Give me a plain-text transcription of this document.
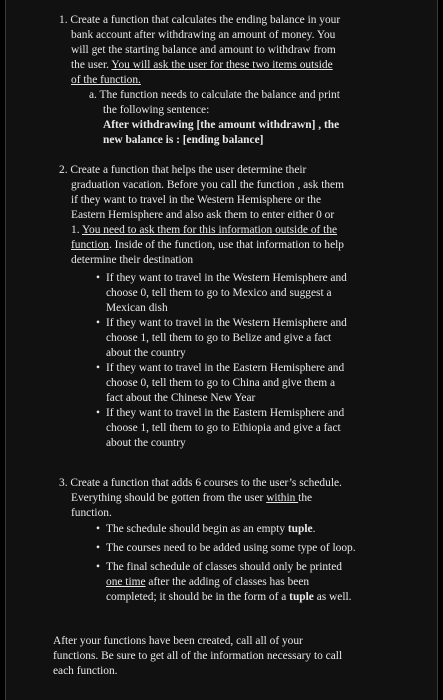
1. Create a function that calculates the ending balance in your
bank account after withdrawing an amount of money. You
will get the starting balance and amount to withdraw from
the user. You will ask the user for these two items outside
of the function.
a. The function needs to calculate the balance and print
the following sentence:
After withdrawing [the amount withdrawn] , the
new balance is : [ending balance]
2. Create a function that helps the user determine their
graduation vacation. Before you call the function , ask them
if they want to travel in the Western Hemisphere or the
Eastern Hemisphere and also ask them to enter either 0 or
1. You need to ask them for this information outside of the
function. Inside of the function, use that information to help
determine their destination
• If they want to travel in the Western Hemisphere and
choose 0, tell them to go to Mexico and suggest a
Mexican dish
• If they want to travel in the Western Hemisphere and
choose 1, tell them to go to Belize and give a fact
about the country
• If they want to travel in the Eastern Hemisphere and
choose 0, tell them to go to China and give them a
fact about the Chinese New Year
• If they want to travel in the Eastern Hemisphere and
choose 1, tell them to go to Ethiopia and give a fact
about the country
3. Create a function that adds 6 courses to the user’s schedule.
Everything should be gotten from the user within the
function.
• The schedule should begin as an empty tuple.
• The courses need to be added using some type of loop.
• The final schedule of classes should only be printed
one time after the adding of classes has been
completed; it should be in the form of a tuple as well.
After your functions have been created, call all of your
functions. Be sure to get all of the information necessary to call
each function.
